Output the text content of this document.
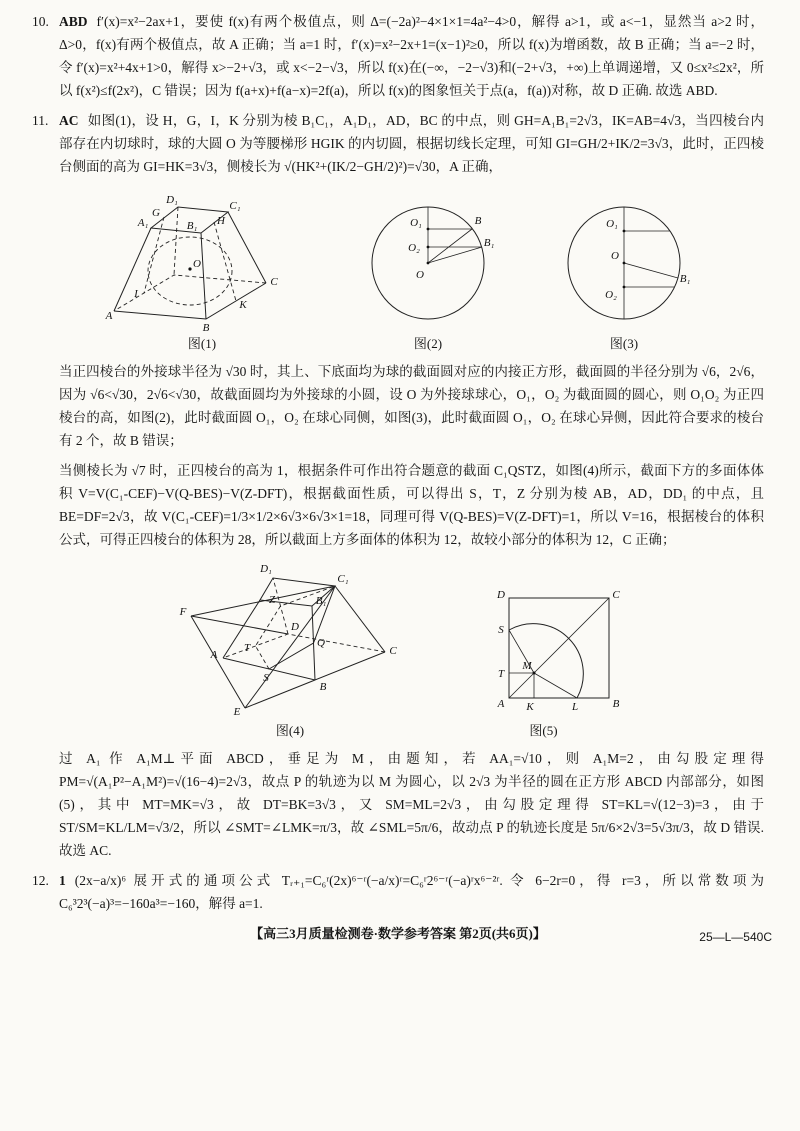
10. ABD f′(x)=x²−2ax+1，要使 f(x)有两个极值点，则 Δ=(−2a)²−4×1×1=4a²−4>0，解得 a>1，或 a<−1，显然当 a>2 时，Δ>0，f(x)有两个极值点，故 A 正确；当 a=1 时，f′(x)=x²−2x+1=(x−1)²≥0，所以 f(x)为增函数，故 B 正确；当 a=−2 时，令 f′(x)=x²+4x+1>0，解得 x>−2+√3，或 x<−2−√3，所以 f(x)在(−∞，−2−√3)和(−2+√3，+∞)上单调递增，又 0≤x²≤2x²，所以 f(x²)≤f(2x²)，C 错误；因为 f(a+x)+f(a−x)=2f(a)，所以 f(x)的图象恒关于点(a，f(a))对称，故 D 正确. 故选 ABD.
11. AC 如图(1)，设 H，G，I，K 分别为棱 B₁C₁，A₁D₁，AD，BC 的中点，则 GH=A₁B₁=2√3，IK=AB=4√3，当四棱台内部存在内切球时，球的大圆 O 为等腰梯形 HGIK 的内切圆，根据切线长定理，可知 GI=GH/2+IK/2=3√3，此时，正四棱台侧面的高为 GI=HK=3√3，侧棱长为 √(HK²+(IK/2−GH/2)²)=√30，A 正确，
D₁	C₁
A₁	B₁ H
G
O
I
K
A
B
C
图(1)
O₁	B
O₂	B₁
O
图(2)
O₁
O
B₁
O₂
图(3)
当正四棱台的外接球半径为 √30 时，其上、下底面均为球的截面圆对应的内接正方形，截面圆的半径分别为 √6，2√6，因为 √6<√30，2√6<√30，故截面圆均为外接球的小圆，设 O 为外接球球心，O₁，O₂ 为截面圆的圆心，则 O₁O₂ 为正四棱台的高，如图(2)，此时截面圆 O₁，O₂ 在球心同侧，如图(3)，此时截面圆 O₁，O₂ 在球心异侧，因此符合要求的棱台有 2 个，故 B 错误；
当侧棱长为 √7 时，正四棱台的高为 1，根据条件可作出符合题意的截面 C₁QSTZ，如图(4)所示，截面下方的多面体体积 V=V(C₁-CEF)−V(Q-BES)−V(Z-DFT)，根据截面性质，可以得出 S，T，Z 分别为棱 AB，AD，DD₁ 的中点，且 BE=DF=2√3，故 V(C₁-CEF)=1/3×1/2×6√3×6√3×1=18，同理可得 V(Q-BES)=V(Z-DFT)=1，所以 V=16，根据棱台的体积公式，可得正四棱台的体积为 28，所以截面上方多面体的体积为 12，故较小部分的体积为 12，C 正确；
D₁
C₁
B₁
Z
D
Q
T
F
C
A
S
E
B
图(4)
D	C
S
M
T
A K	L	B
图(5)
过 A₁ 作 A₁M⊥平面 ABCD，垂足为 M，由题知，若 AA₁=√10，则 A₁M=2，由勾股定理得 PM=√(A₁P²−A₁M²)=√(16−4)=2√3，故点 P 的轨迹为以 M 为圆心，以 2√3 为半径的圆在正方形 ABCD 内部部分，如图(5)，其中 MT=MK=√3，故 DT=BK=3√3，又 SM=ML=2√3，由勾股定理得 ST=KL=√(12−3)=3，由于 ST/SM=KL/LM=√3/2，所以 ∠SMT=∠LMK=π/3，故 ∠SML=5π/6，故动点 P 的轨迹长度是 5π/6×2√3=5√3π/3，故 D 错误. 故选 AC.
12. 1 (2x−a/x)⁶ 展开式的通项公式 Tᵣ₊₁=C₆ʳ(2x)⁶⁻ʳ(−a/x)ʳ=C₆ʳ2⁶⁻ʳ(−a)ʳx⁶⁻²ʳ. 令 6−2r=0，得 r=3，所以常数项为 C₆³2³(−a)³=−160a³=−160，解得 a=1.
【高三3月质量检测卷·数学参考答案 第2页(共6页)】	25—L—540C
